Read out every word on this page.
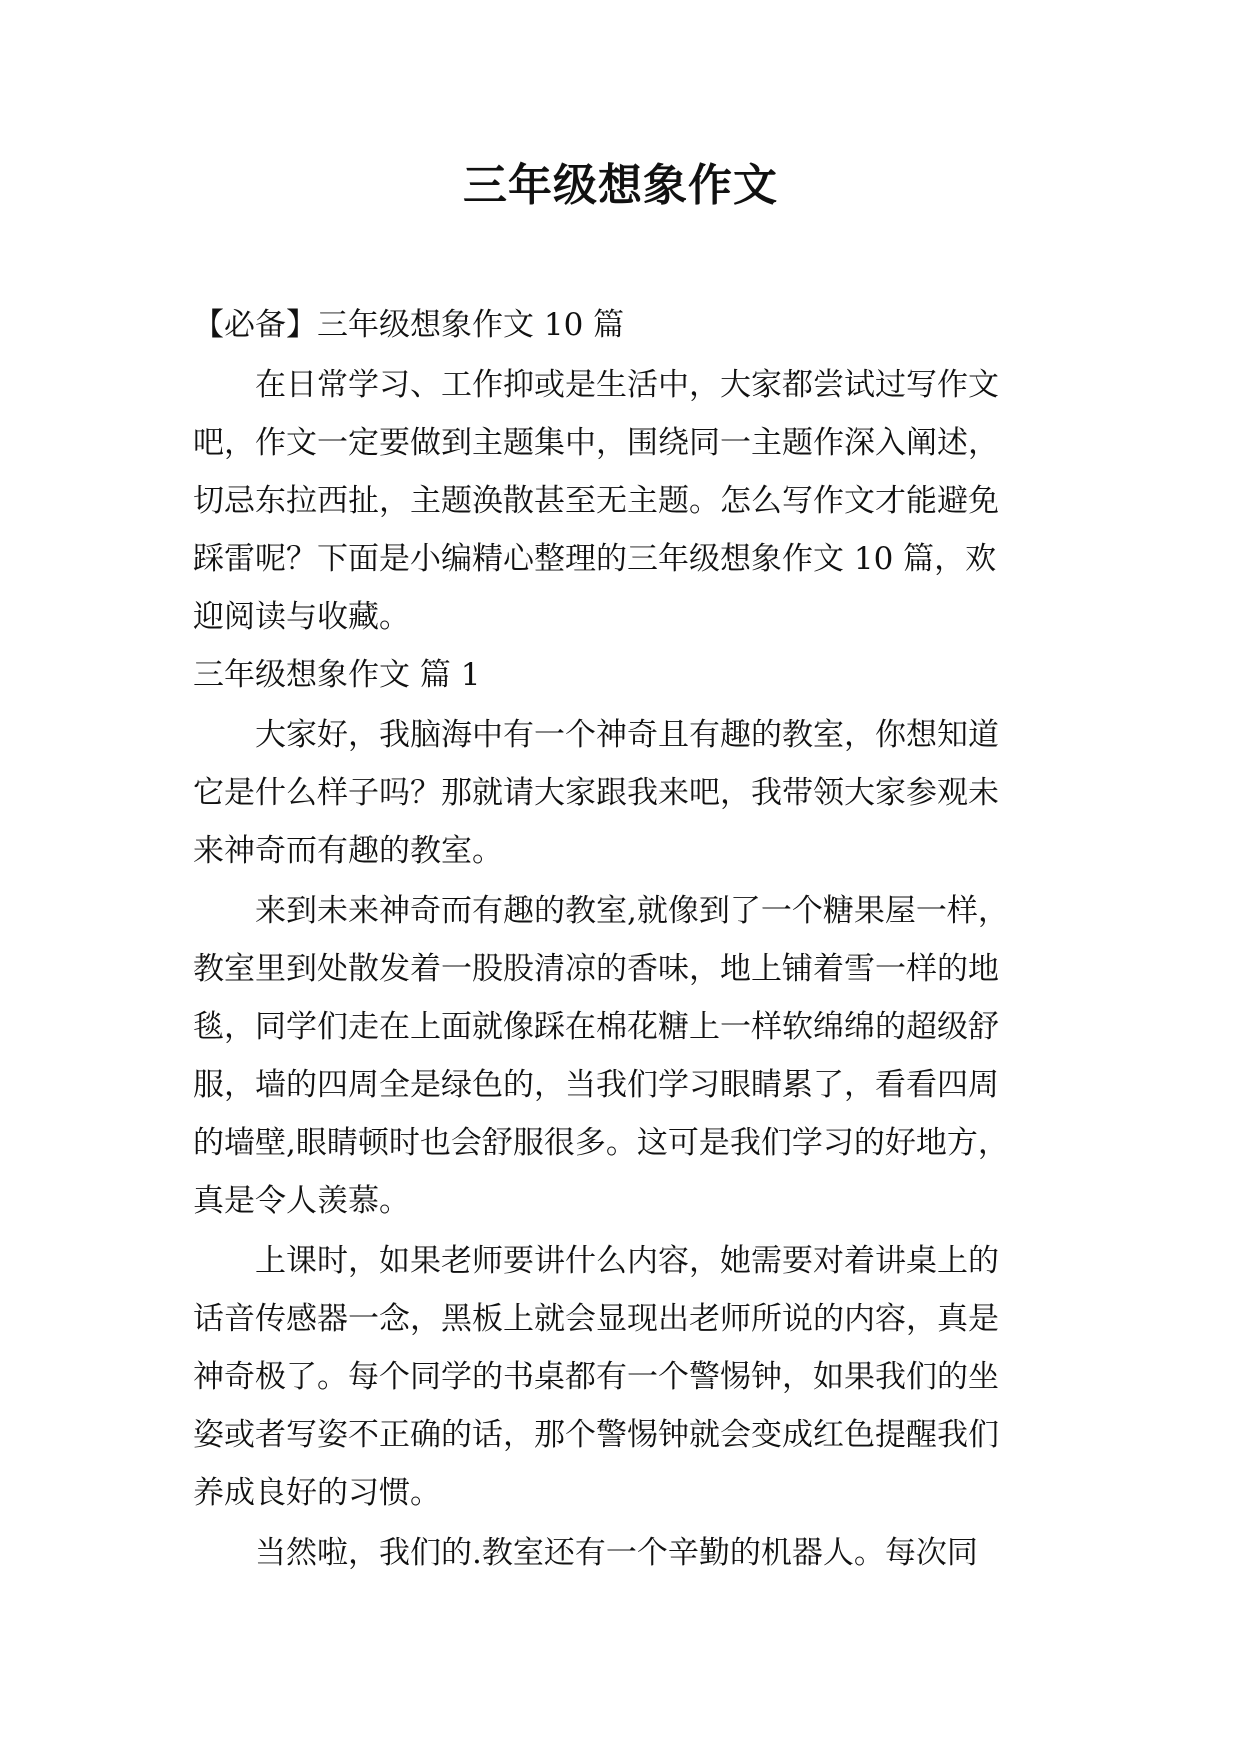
三年级想象作文

【必备】三年级想象作文 10 篇

在日常学习、工作抑或是生活中，大家都尝试过写作文

吧，作文一定要做到主题集中，围绕同一主题作深入阐述，

切忌东拉西扯，主题涣散甚至无主题。怎么写作文才能避免

踩雷呢？下面是小编精心整理的三年级想象作文 10 篇，欢

迎阅读与收藏。

三年级想象作文 篇 1

大家好，我脑海中有一个神奇且有趣的教室，你想知道

它是什么样子吗？那就请大家跟我来吧，我带领大家参观未

来神奇而有趣的教室。

来到未来神奇而有趣的教室,就像到了一个糖果屋一样，

教室里到处散发着一股股清凉的香味，地上铺着雪一样的地

毯，同学们走在上面就像踩在棉花糖上一样软绵绵的超级舒

服，墙的四周全是绿色的，当我们学习眼睛累了，看看四周

的墙壁,眼睛顿时也会舒服很多。这可是我们学习的好地方，

真是令人羡慕。

上课时，如果老师要讲什么内容，她需要对着讲桌上的

话音传感器一念，黑板上就会显现出老师所说的内容，真是

神奇极了。每个同学的书桌都有一个警惕钟，如果我们的坐

姿或者写姿不正确的话，那个警惕钟就会变成红色提醒我们

养成良好的习惯。

当然啦，我们的.教室还有一个辛勤的机器人。每次同
